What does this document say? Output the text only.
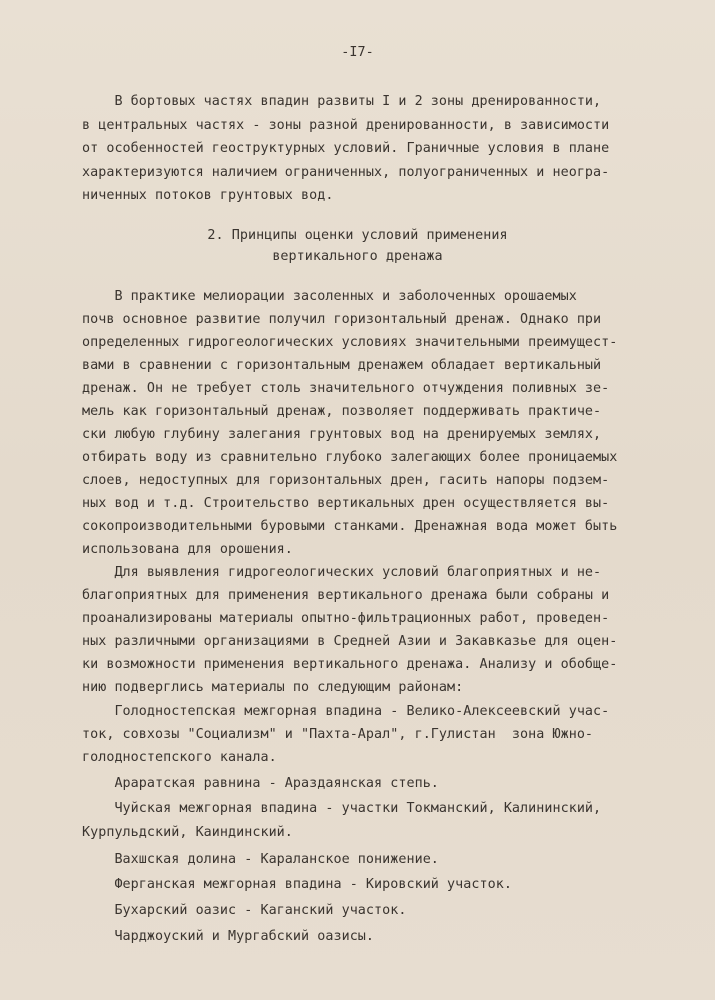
-I7-
В бортовых частях впадин развиты I и 2 зоны дренированности,
в центральных частях - зоны разной дренированности, в зависимости
от особенностей геоструктурных условий. Граничные условия в плане
характеризуются наличием ограниченных, полуограниченных и неогра-
ниченных потоков грунтовых вод.
2. Принципы оценки условий применения
вертикального дренажа
В практике мелиорации засоленных и заболоченных орошаемых
почв основное развитие получил горизонтальный дренаж. Однако при
определенных гидрогеологических условиях значительными преимущест-
вами в сравнении с горизонтальным дренажем обладает вертикальный
дренаж. Он не требует столь значительного отчуждения поливных зе-
мель как горизонтальный дренаж, позволяет поддерживать практиче-
ски любую глубину залегания грунтовых вод на дренируемых землях,
отбирать воду из сравнительно глубоко залегающих более проницаемых
слоев, недоступных для горизонтальных дрен, гасить напоры подзем-
ных вод и т.д. Строительство вертикальных дрен осуществляется вы-
сокопроизводительными буровыми станками. Дренажная вода может быть
использована для орошения.
Для выявления гидрогеологических условий благоприятных и не-
благоприятных для применения вертикального дренажа были собраны и
проанализированы материалы опытно-фильтрационных работ, проведен-
ных различными организациями в Средней Азии и Закавказье для оцен-
ки возможности применения вертикального дренажа. Анализу и обобще-
нию подверглись материалы по следующим районам:
Голодностепская межгорная впадина - Велико-Алексеевский учас-
ток, совхозы "Социализм" и "Пахта-Арал", г.Гулистан  зона Южно-
голодностепского канала.
Араратская равнина - Араздаянская степь.
Чуйская межгорная впадина - участки Токманский, Калининский,
Курпульдский, Каиндинский.
Вахшская долина - Караланское понижение.
Ферганская межгорная впадина - Кировский участок.
Бухарский оазис - Каганский участок.
Чарджоуский и Мургабский оазисы.
